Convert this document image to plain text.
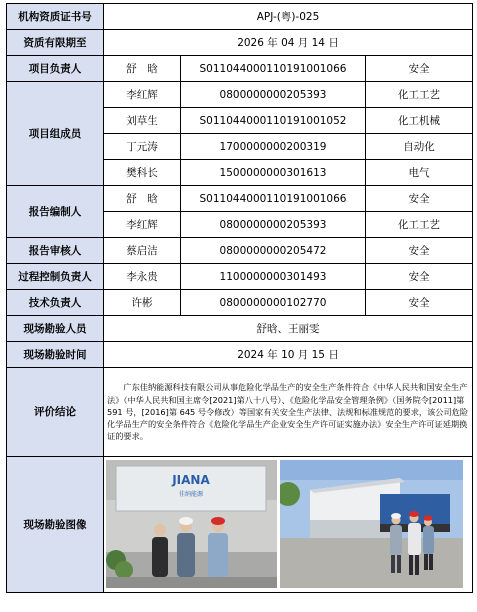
机构资质证书号	APJ-(粤)-025		
资质有限期至	2026 年 04 月 14 日		
项目负责人	舒　晗	S011044000110191001066	安全
项目组成员	李红辉	0800000000205393	化工工艺
	刘草生	S011044000110191001052	化工机械
	丁元涛	1700000000200319	自动化
	樊科长	1500000000301613	电气
报告编制人	舒　晗	S011044000110191001066	安全
	李红辉	0800000000205393	化工工艺
报告审核人	蔡启洁	0800000000205472	安全
过程控制负责人	李永贵	1100000000301493	安全
技术负责人	许彬	0800000000102770	安全
现场勘验人员	舒晗、王丽雯		
现场勘验时间	2024 年 10 月 15 日		
评价结论	广东佳纳能源科技有限公司从事危险化学品生产的安全生产条件符合《中华人民共和国安全生产法》（中华人民共和国主席令[2021]第八十八号）、《危险化学品安全管理条例》（国务院令[2011]第 591 号，[2016]第 645 号令修改）等国家有关安全生产法律、法规和标准规范的要求，该公司危险化学品生产的安全条件符合《危险化学品生产企业安全生产许可证实施办法》安全生产许可证延期换证的要求。		
现场勘验图像	JIANA
佳纳能源		
